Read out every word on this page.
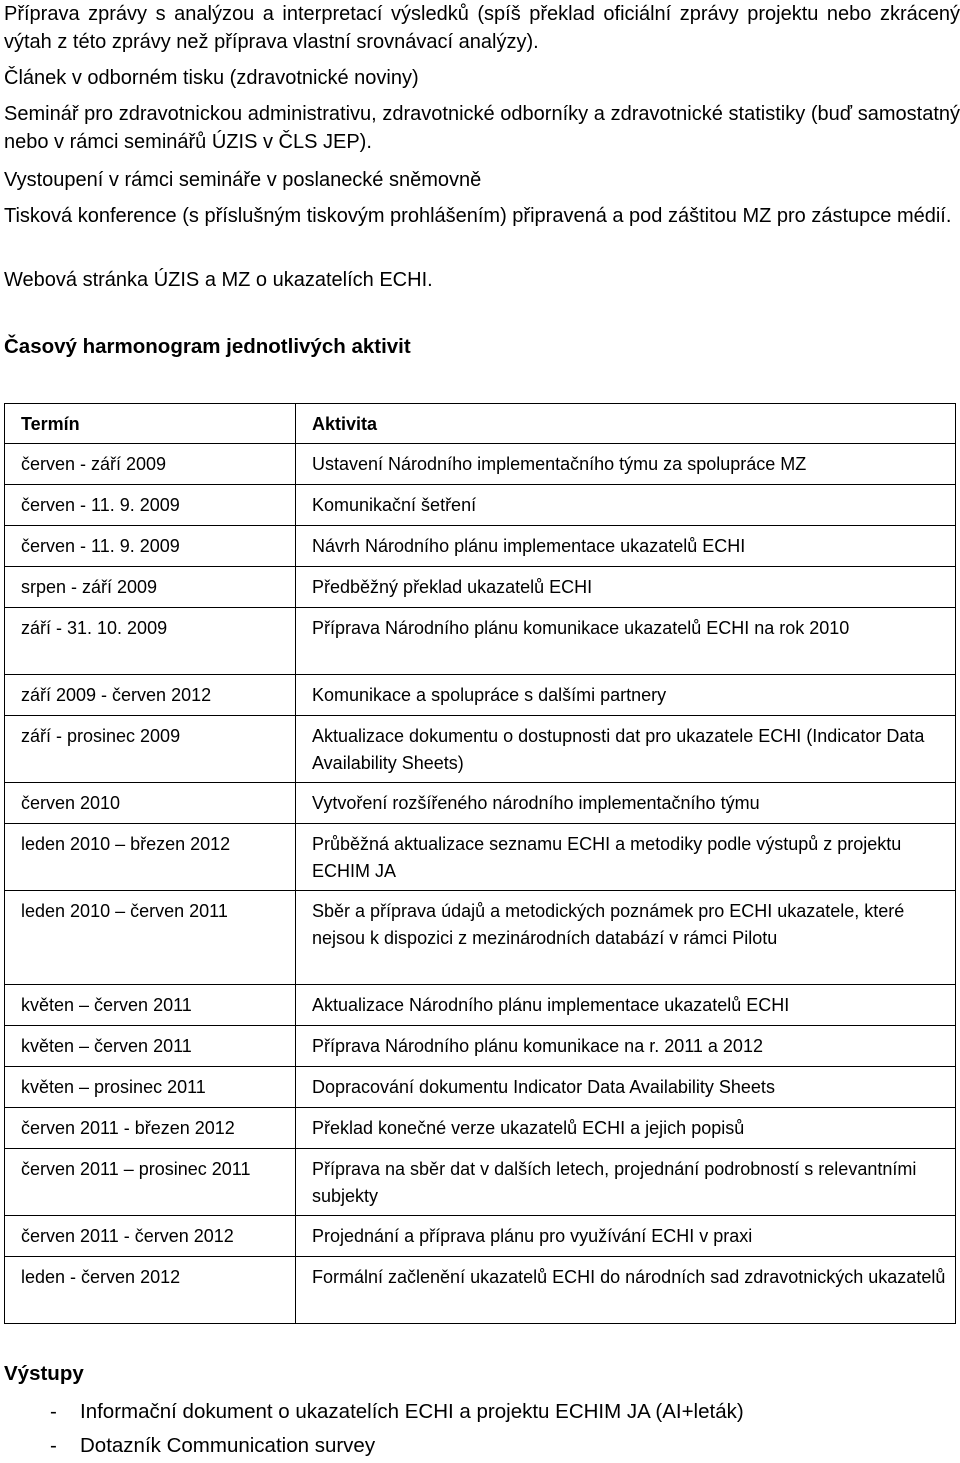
Příprava zprávy s analýzou a interpretací výsledků (spíš překlad oficiální zprávy projektu nebo zkrácený výtah z této zprávy než příprava vlastní srovnávací analýzy).

Článek v odborném tisku (zdravotnické noviny)

Seminář pro zdravotnickou administrativu, zdravotnické odborníky a zdravotnické statistiky (buď samostatný nebo v rámci seminářů ÚZIS v ČLS JEP).

Vystoupení v rámci semináře v poslanecké sněmovně

Tisková konference (s příslušným tiskovým prohlášením) připravená a pod záštitou MZ pro zástupce médií.

Webová stránka ÚZIS a MZ o ukazatelích ECHI.

Časový harmonogram jednotlivých aktivit
Termín	Aktivita
červen - září 2009	Ustavení Národního implementačního týmu za spolupráce MZ
červen - 11. 9. 2009	Komunikační šetření
červen - 11. 9. 2009	Návrh Národního plánu implementace ukazatelů ECHI
srpen - září 2009	Předběžný překlad ukazatelů ECHI
září - 31. 10. 2009	Příprava Národního plánu komunikace ukazatelů ECHI na rok 2010
září 2009 - červen 2012	Komunikace a spolupráce s dalšími partnery
září - prosinec 2009	Aktualizace dokumentu o dostupnosti dat pro ukazatele ECHI (Indicator Data Availability Sheets)
červen 2010	Vytvoření rozšířeného národního implementačního týmu
leden 2010 – březen 2012	Průběžná aktualizace seznamu ECHI a metodiky podle výstupů z projektu ECHIM JA
leden 2010 – červen 2011	Sběr a příprava údajů a metodických poznámek pro ECHI ukazatele, které nejsou k dispozici z mezinárodních databází v rámci Pilotu
květen – červen 2011	Aktualizace Národního plánu implementace ukazatelů ECHI
květen – červen 2011	Příprava Národního plánu komunikace na r. 2011 a 2012
květen – prosinec 2011	Dopracování dokumentu Indicator Data Availability Sheets
červen 2011 - březen 2012	Překlad konečné verze ukazatelů ECHI a jejich popisů
červen 2011 – prosinec 2011	Příprava na sběr dat v dalších letech, projednání podrobností s relevantními subjekty
červen 2011 - červen 2012	Projednání a příprava plánu pro využívání ECHI v praxi
leden - červen 2012	Formální začlenění ukazatelů ECHI do národních sad zdravotnických ukazatelů
Výstupy
- Informační dokument o ukazatelích ECHI a projektu ECHIM JA (AI+leták)
- Dotazník Communication survey
